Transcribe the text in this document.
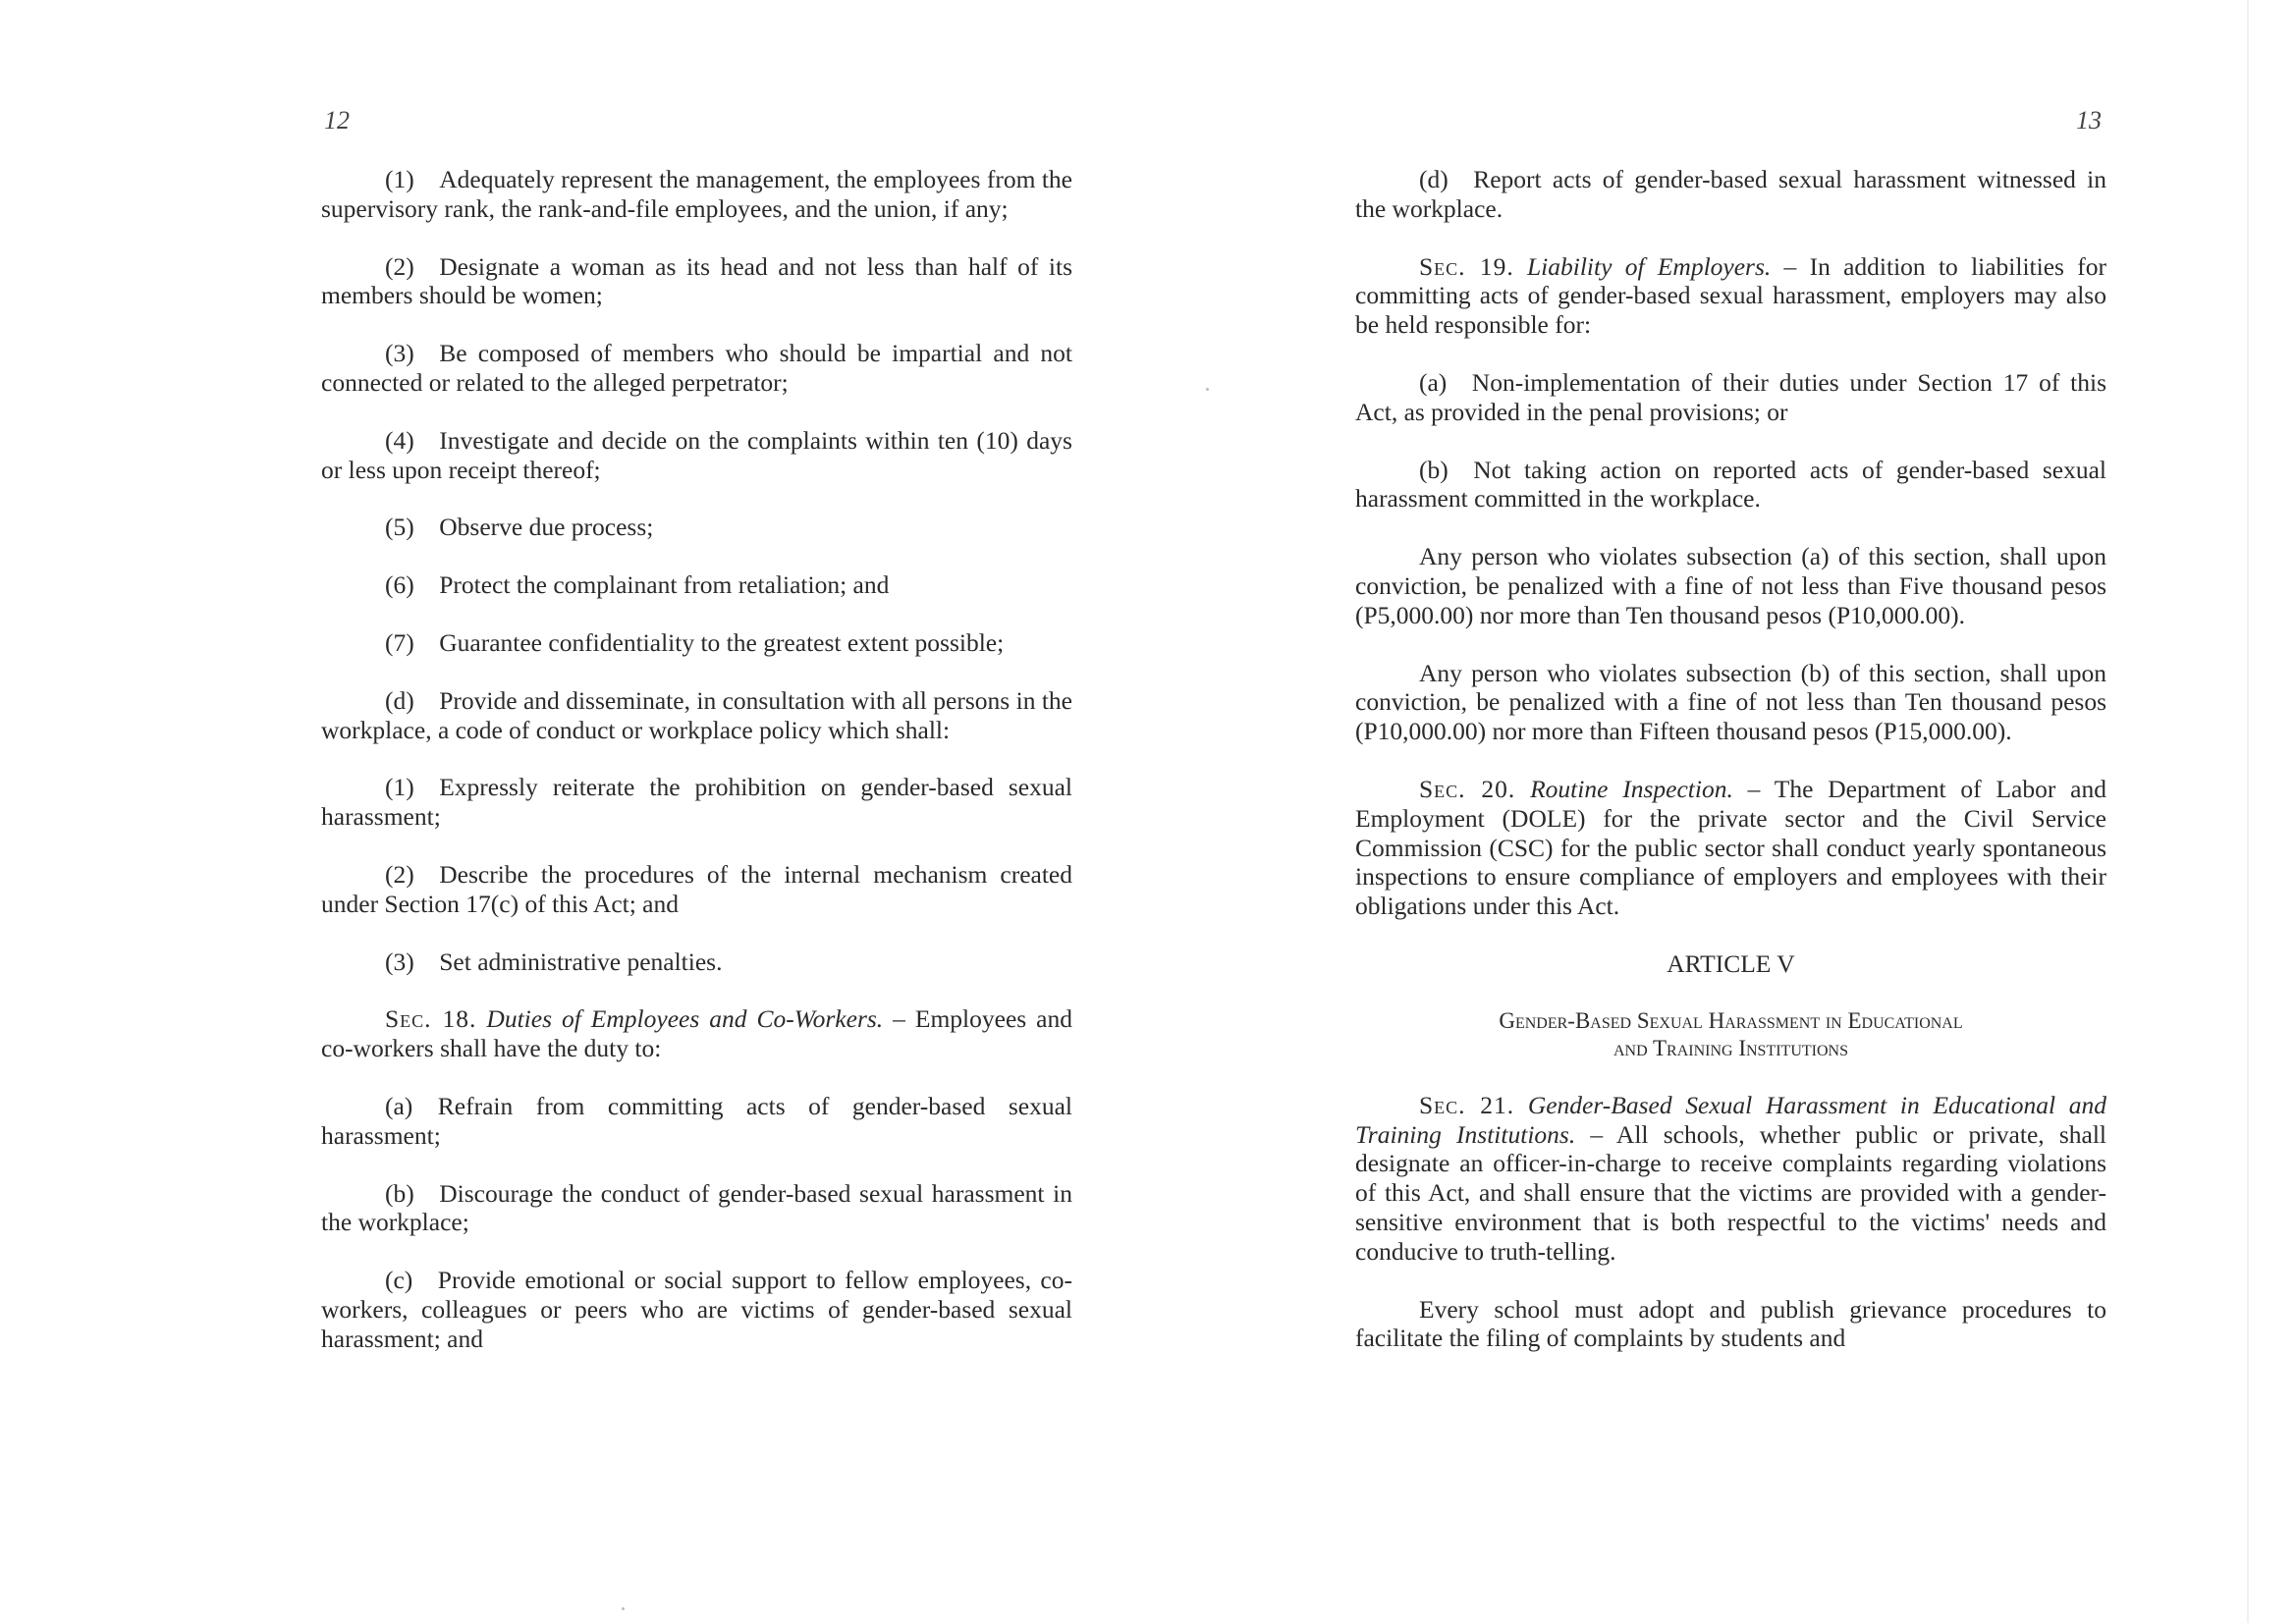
12

(1) Adequately represent the management, the employees from the supervisory rank, the rank-and-file employees, and the union, if any;

(2) Designate a woman as its head and not less than half of its members should be women;

(3) Be composed of members who should be impartial and not connected or related to the alleged perpetrator;

(4) Investigate and decide on the complaints within ten (10) days or less upon receipt thereof;

(5) Observe due process;

(6) Protect the complainant from retaliation; and

(7) Guarantee confidentiality to the greatest extent possible;

(d) Provide and disseminate, in consultation with all persons in the workplace, a code of conduct or workplace policy which shall:

(1) Expressly reiterate the prohibition on gender-based sexual harassment;

(2) Describe the procedures of the internal mechanism created under Section 17(c) of this Act; and

(3) Set administrative penalties.

Sec. 18. Duties of Employees and Co-Workers. – Employees and co-workers shall have the duty to:

(a) Refrain from committing acts of gender-based sexual harassment;

(b) Discourage the conduct of gender-based sexual harassment in the workplace;

(c) Provide emotional or social support to fellow employees, co-workers, colleagues or peers who are victims of gender-based sexual harassment; and

13

(d) Report acts of gender-based sexual harassment witnessed in the workplace.

Sec. 19. Liability of Employers. – In addition to liabilities for committing acts of gender-based sexual harassment, employers may also be held responsible for:

(a) Non-implementation of their duties under Section 17 of this Act, as provided in the penal provisions; or

(b) Not taking action on reported acts of gender-based sexual harassment committed in the workplace.

Any person who violates subsection (a) of this section, shall upon conviction, be penalized with a fine of not less than Five thousand pesos (P5,000.00) nor more than Ten thousand pesos (P10,000.00).

Any person who violates subsection (b) of this section, shall upon conviction, be penalized with a fine of not less than Ten thousand pesos (P10,000.00) nor more than Fifteen thousand pesos (P15,000.00).

Sec. 20. Routine Inspection. – The Department of Labor and Employment (DOLE) for the private sector and the Civil Service Commission (CSC) for the public sector shall conduct yearly spontaneous inspections to ensure compliance of employers and employees with their obligations under this Act.

ARTICLE V

Gender-Based Sexual Harassment in Educational
and Training Institutions

Sec. 21. Gender-Based Sexual Harassment in Educational and Training Institutions. – All schools, whether public or private, shall designate an officer-in-charge to receive complaints regarding violations of this Act, and shall ensure that the victims are provided with a gender-sensitive environment that is both respectful to the victims' needs and conducive to truth-telling.

Every school must adopt and publish grievance procedures to facilitate the filing of complaints by students and
